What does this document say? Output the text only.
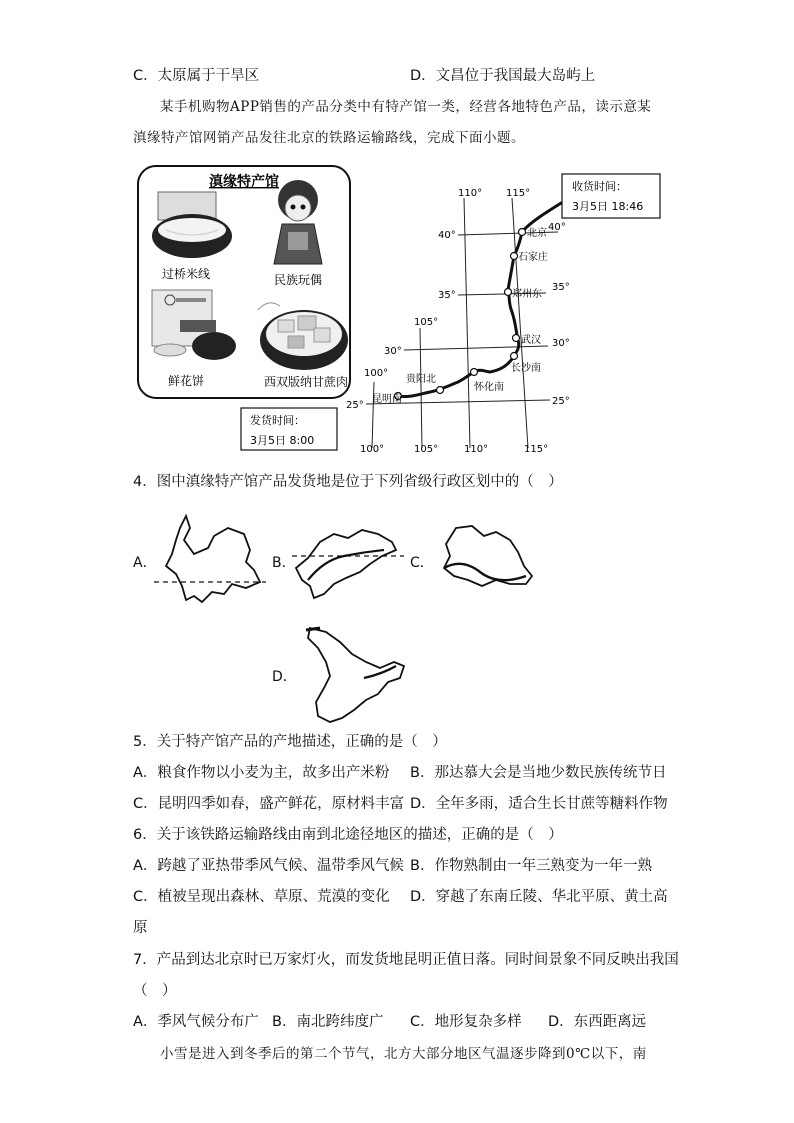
C．太原属于干旱区	D．文昌位于我国最大岛屿上
某手机购物APP销售的产品分类中有特产馆一类，经营各地特色产品，读示意某
滇缘特产馆网销产品发往北京的铁路运输路线，完成下面小题。
滇缘特产馆
过桥米线	民族玩偶
鲜花饼	西双版纳甘蔗肉
110° 115°
105°
100°
100°	105°	110°	115°
40°
40°
35°
35°
30°
30°
25°	25°
北京
石家庄
郑州东
武汉
长沙南
怀化南
贵阳北
昆明南
收货时间：
3月5日 18:46
发货时间：
3月5日 8:00
4．图中滇缘特产馆产品发货地是位于下列省级行政区划中的（　）
A．	B．	C．
D．
5．关于特产馆产品的产地描述，正确的是（　）
A．粮食作物以小麦为主，故多出产米粉 B．那达慕大会是当地少数民族传统节日
C．昆明四季如春，盛产鲜花，原材料丰富 D．全年多雨，适合生长甘蔗等糖料作物
6．关于该铁路运输路线由南到北途径地区的描述，正确的是（　）
A．跨越了亚热带季风气候、温带季风气候 B．作物熟制由一年三熟变为一年一熟
C．植被呈现出森林、草原、荒漠的变化 D．穿越了东南丘陵、华北平原、黄土高
原
7．产品到达北京时已万家灯火，而发货地昆明正值日落。同时间景象不同反映出我国
（　）
A．季风气候分布广 B．南北跨纬度广 C．地形复杂多样 D．东西距离远
小雪是进入到冬季后的第二个节气，北方大部分地区气温逐步降到0℃以下，南
